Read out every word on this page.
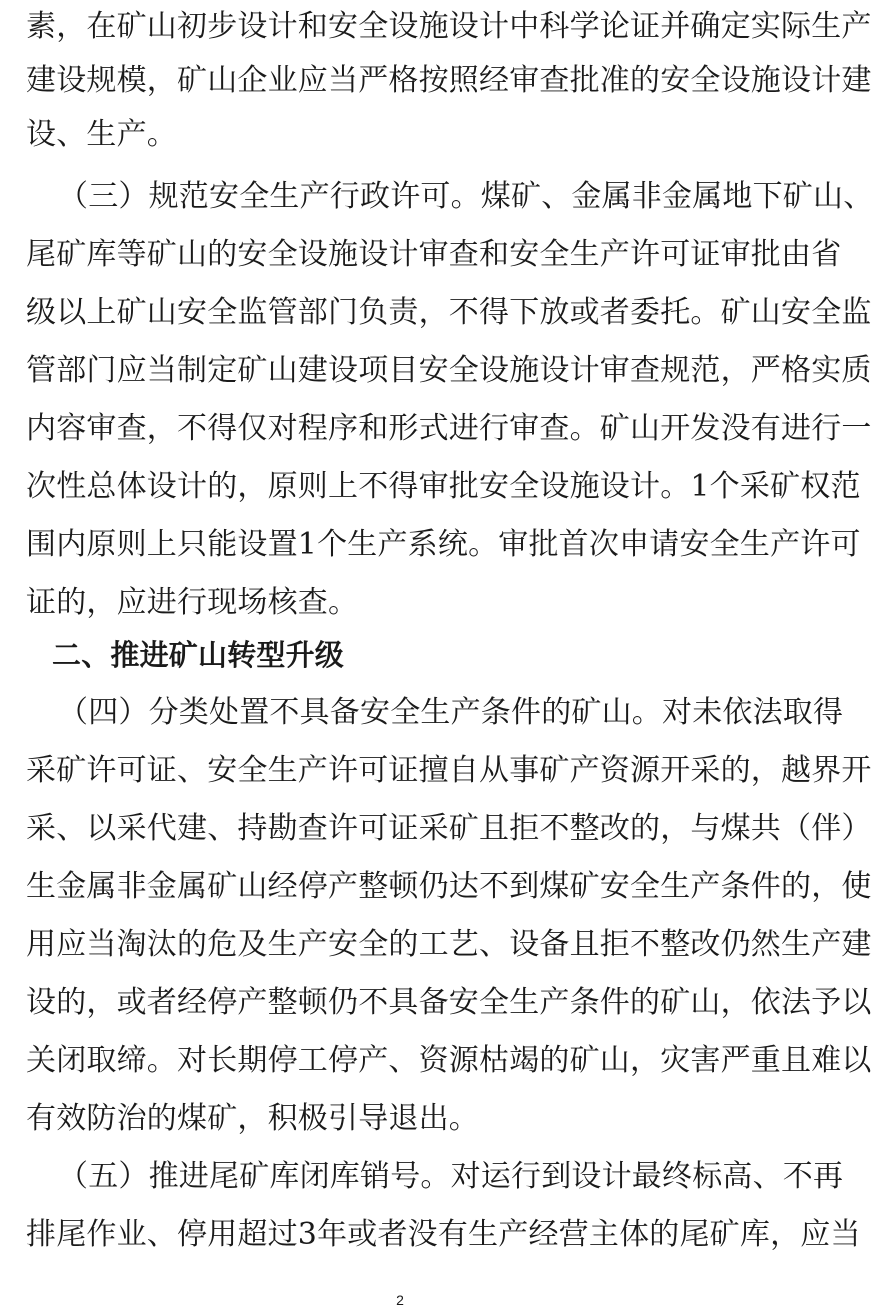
素，在矿山初步设计和安全设施设计中科学论证并确定实际生产
建设规模，矿山企业应当严格按照经审查批准的安全设施设计建
设、生产。
（三）规范安全生产行政许可。煤矿、金属非金属地下矿山、
尾矿库等矿山的安全设施设计审查和安全生产许可证审批由省
级以上矿山安全监管部门负责，不得下放或者委托。矿山安全监
管部门应当制定矿山建设项目安全设施设计审查规范，严格实质
内容审查，不得仅对程序和形式进行审查。矿山开发没有进行一
次性总体设计的，原则上不得审批安全设施设计。1个采矿权范
围内原则上只能设置1个生产系统。审批首次申请安全生产许可
证的，应进行现场核查。
二、推进矿山转型升级
（四）分类处置不具备安全生产条件的矿山。对未依法取得
采矿许可证、安全生产许可证擅自从事矿产资源开采的，越界开
采、以采代建、持勘查许可证采矿且拒不整改的，与煤共（伴）
生金属非金属矿山经停产整顿仍达不到煤矿安全生产条件的，使
用应当淘汰的危及生产安全的工艺、设备且拒不整改仍然生产建
设的，或者经停产整顿仍不具备安全生产条件的矿山，依法予以
关闭取缔。对长期停工停产、资源枯竭的矿山，灾害严重且难以
有效防治的煤矿，积极引导退出。
（五）推进尾矿库闭库销号。对运行到设计最终标高、不再
排尾作业、停用超过3年或者没有生产经营主体的尾矿库，应当
2
